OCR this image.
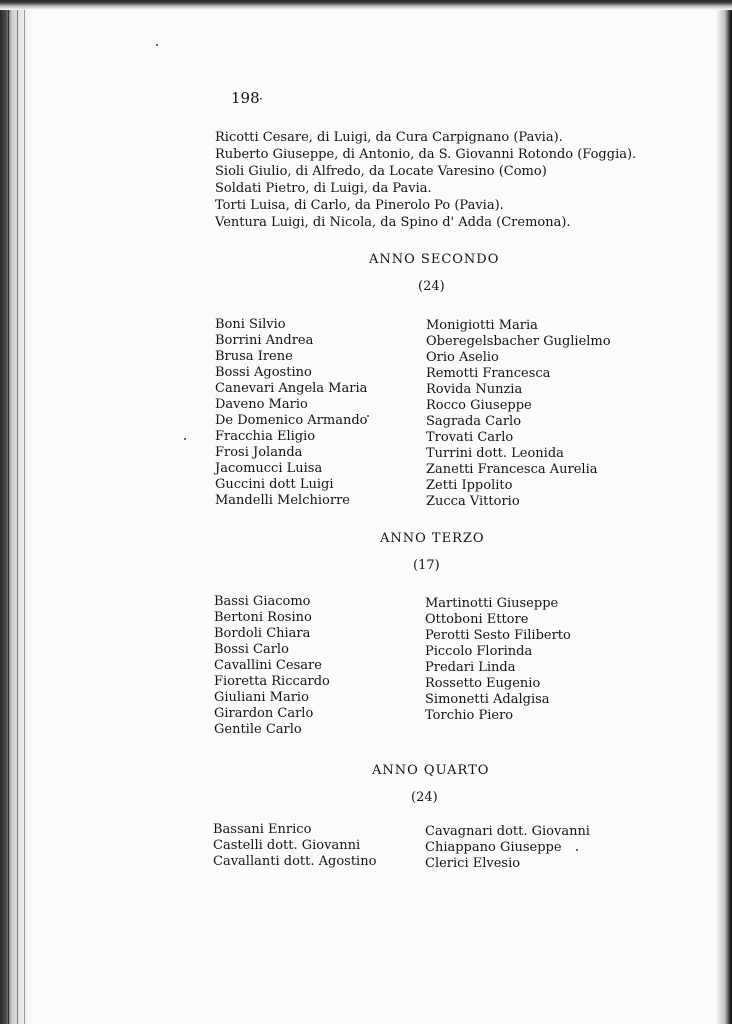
198 ·
Ricotti Cesare, di Luigi, da Cura Carpignano (Pavia).
Ruberto Giuseppe, di Antonio, da S. Giovanni Rotondo (Foggia).
Sioli Giulio, di Alfredo, da Locate Varesino (Como)
Soldati Pietro, di Luigi, da Pavia.
Torti Luisa, di Carlo, da Pinerolo Po (Pavia).
Ventura Luigi, di Nicola, da Spino d' Adda (Cremona).
ANNO SECONDO
(24)
Boni Silvio
Borrini Andrea
Brusa Irene
Bossi Agostino
Canevari Angela Maria
Daveno Mario
De Domenico Armando
Fracchia Eligio
Frosi Jolanda
Jacomucci Luisa
Guccini dott Luigi
Mandelli Melchiorre
Monigiotti Maria
Oberegelsbacher Guglielmo
Orio Aselio
Remotti Francesca
Rovida Nunzia
Rocco Giuseppe
Sagrada Carlo
Trovati Carlo
Turrini dott. Leonida
Zanetti Francesca Aurelia
Zetti Ippolito
Zucca Vittorio
ANNO TERZO
(17)
Bassi Giacomo
Bertoni Rosino
Bordoli Chiara
Bossi Carlo
Cavallini Cesare
Fioretta Riccardo
Giuliani Mario
Girardon Carlo
Gentile Carlo
Martinotti Giuseppe
Ottoboni Ettore
Perotti Sesto Filiberto
Piccolo Florinda
Predari Linda
Rossetto Eugenio
Simonetti Adalgisa
Torchio Piero
ANNO QUARTO
(24)
Bassani Enrico
Castelli dott. Giovanni
Cavallanti dott. Agostino
Cavagnari dott. Giovanni
Chiappano Giuseppe
Clerici Elvesio
